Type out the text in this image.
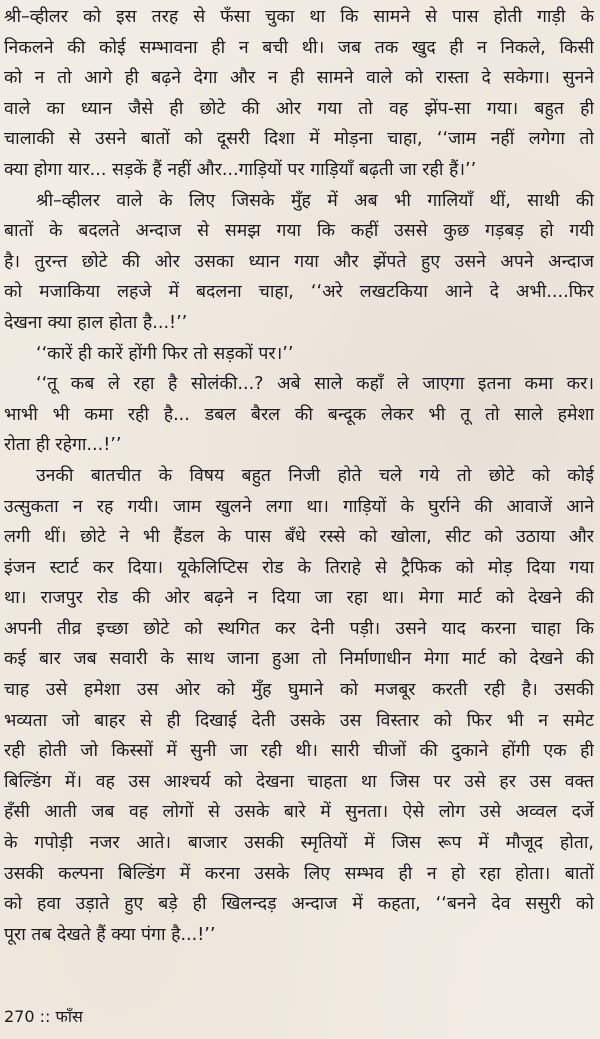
श्री–व्हीलर को इस तरह से फँसा चुका था कि सामने से पास होती गाड़ी के
निकलने की कोई सम्भावना ही न बची थी। जब तक खुद ही न निकले, किसी
को न तो आगे ही बढ़ने देगा और न ही सामने वाले को रास्ता दे सकेगा। सुनने
वाले का ध्यान जैसे ही छोटे की ओर गया तो वह झेंप-सा गया। बहुत ही
चालाकी से उसने बातों को दूसरी दिशा में मोड़ना चाहा, ‘‘जाम नहीं लगेगा तो
क्या होगा यार... सड़कें हैं नहीं और...गाड़ियों पर गाड़ियाँ बढ़ती जा रही हैं।’’
श्री–व्हीलर वाले के लिए जिसके मुँह में अब भी गालियाँ थीं, साथी की
बातों के बदलते अन्दाज से समझ गया कि कहीं उससे कुछ गड़बड़ हो गयी
है। तुरन्त छोटे की ओर उसका ध्यान गया और झेंपते हुए उसने अपने अन्दाज
को मजाकिया लहजे में बदलना चाहा, ‘‘अरे लखटकिया आने दे अभी....फिर
देखना क्या हाल होता है...!’’
‘‘कारें ही कारें होंगी फिर तो सड़कों पर।’’
‘‘तू कब ले रहा है सोलंकी...? अबे साले कहाँ ले जाएगा इतना कमा कर।
भाभी भी कमा रही है... डबल बैरल की बन्दूक लेकर भी तू तो साले हमेशा
रोता ही रहेगा...!’’
उनकी बातचीत के विषय बहुत निजी होते चले गये तो छोटे को कोई
उत्सुकता न रह गयी। जाम खुलने लगा था। गाड़ियों के घुर्राने की आवाजें आने
लगी थीं। छोटे ने भी हैंडल के पास बँधे रस्से को खोला, सीट को उठाया और
इंजन स्टार्ट कर दिया। यूकेलिप्टिस रोड के तिराहे से ट्रैफिक को मोड़ दिया गया
था। राजपुर रोड की ओर बढ़ने न दिया जा रहा था। मेगा मार्ट को देखने की
अपनी तीव्र इच्छा छोटे को स्थगित कर देनी पड़ी। उसने याद करना चाहा कि
कई बार जब सवारी के साथ जाना हुआ तो निर्माणाधीन मेगा मार्ट को देखने की
चाह उसे हमेशा उस ओर को मुँह घुमाने को मजबूर करती रही है। उसकी
भव्यता जो बाहर से ही दिखाई देती उसके उस विस्तार को फिर भी न समेट
रही होती जो किस्सों में सुनी जा रही थी। सारी चीजों की दुकाने होंगी एक ही
बिल्डिंग में। वह उस आश्चर्य को देखना चाहता था जिस पर उसे हर उस वक्त
हँसी आती जब वह लोगों से उसके बारे में सुनता। ऐसे लोग उसे अव्वल दर्जे
के गपोड़ी नजर आते। बाजार उसकी स्मृतियों में जिस रूप में मौजूद होता,
उसकी कल्पना बिल्डिंग में करना उसके लिए सम्भव ही न हो रहा होता। बातों
को हवा उड़ाते हुए बड़े ही खिलन्दड़ अन्दाज में कहता, ‘‘बनने देव ससुरी को
पूरा तब देखते हैं क्या पंगा है...!’’
270 :: फाँस
